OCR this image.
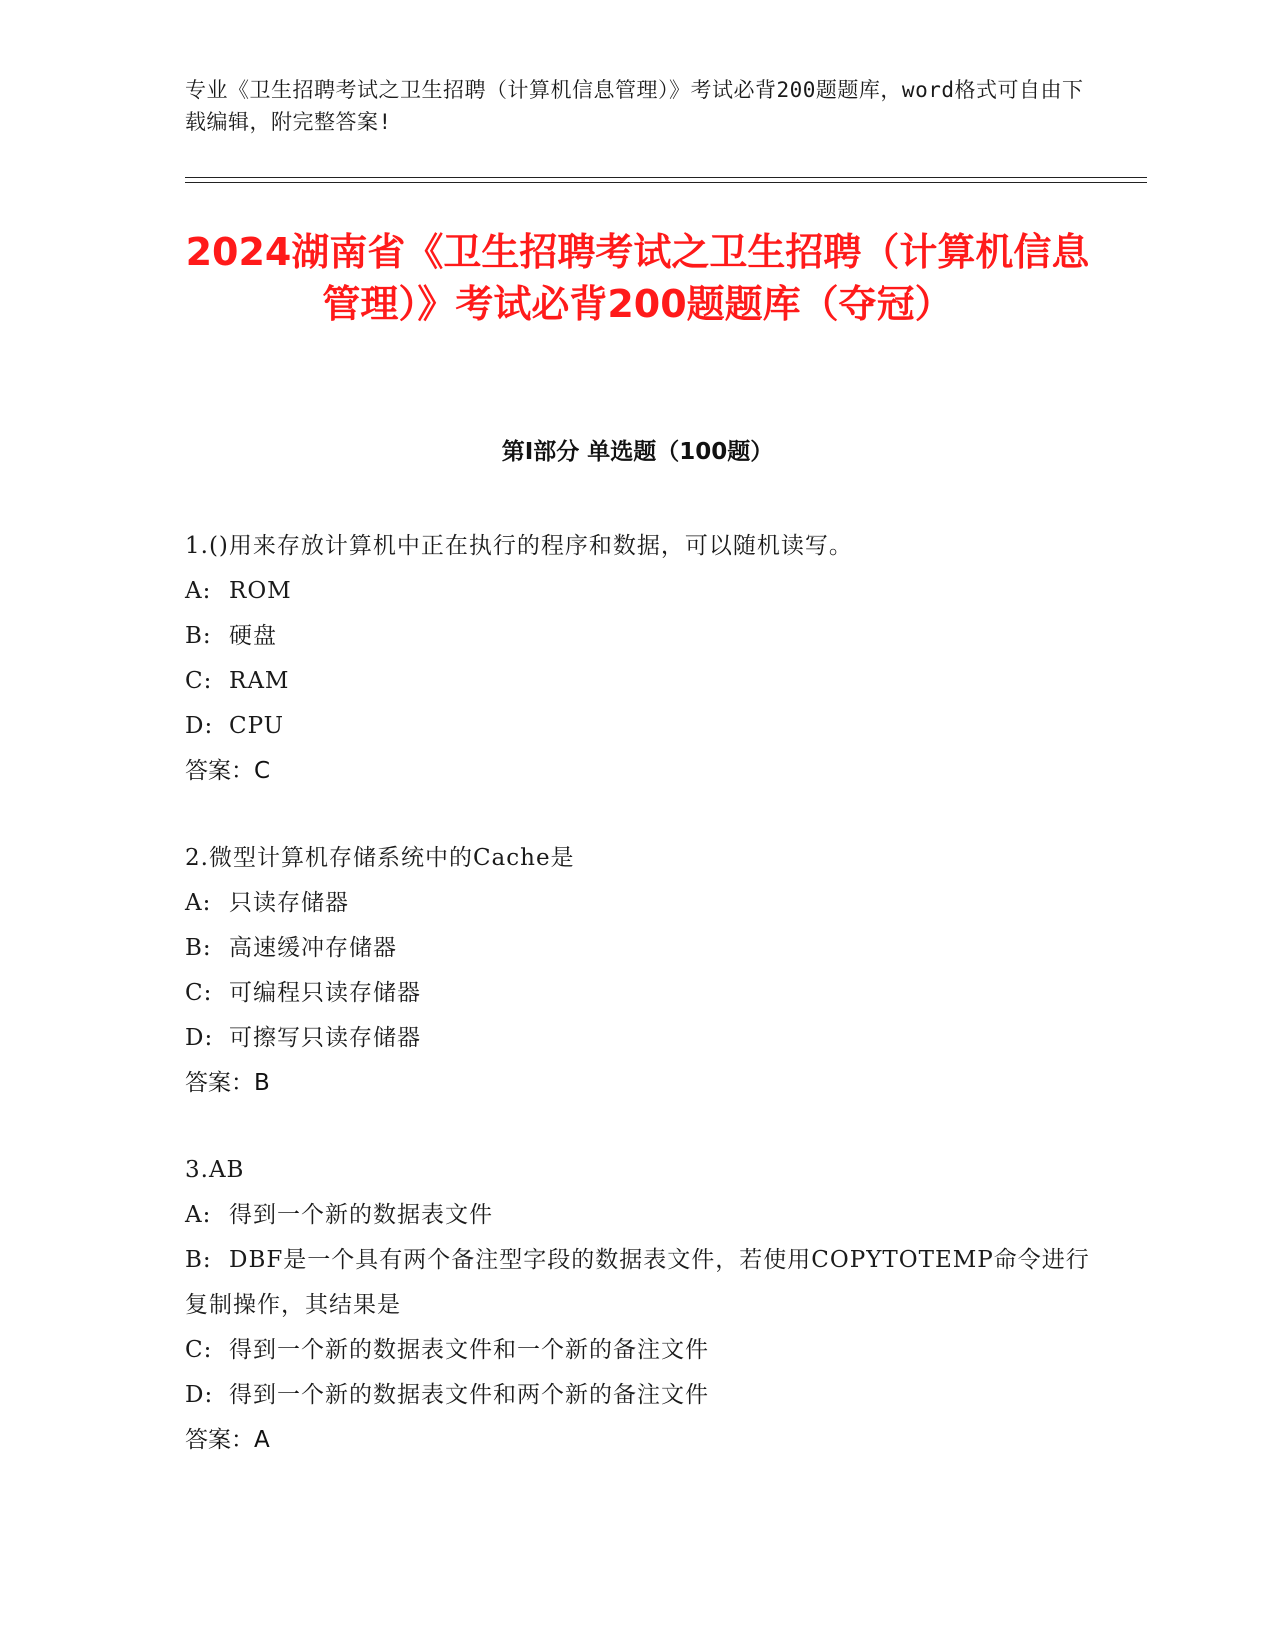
专业《卫生招聘考试之卫生招聘（计算机信息管理）》考试必背200题题库，word格式可自由下载编辑，附完整答案!
2024湖南省《卫生招聘考试之卫生招聘（计算机信息管理）》考试必背200题题库（夺冠）
第Ⅰ部分 单选题（100题）
1.()用来存放计算机中正在执行的程序和数据，可以随机读写。
A: ROM
B: 硬盘
C: RAM
D: CPU
答案：C
2.微型计算机存储系统中的Cache是
A: 只读存储器
B: 高速缓冲存储器
C: 可编程只读存储器
D: 可擦写只读存储器
答案：B
3.AB
A: 得到一个新的数据表文件
B: DBF是一个具有两个备注型字段的数据表文件，若使用COPYTOTEMP命令进行复制操作，其结果是
C: 得到一个新的数据表文件和一个新的备注文件
D: 得到一个新的数据表文件和两个新的备注文件
答案：A
